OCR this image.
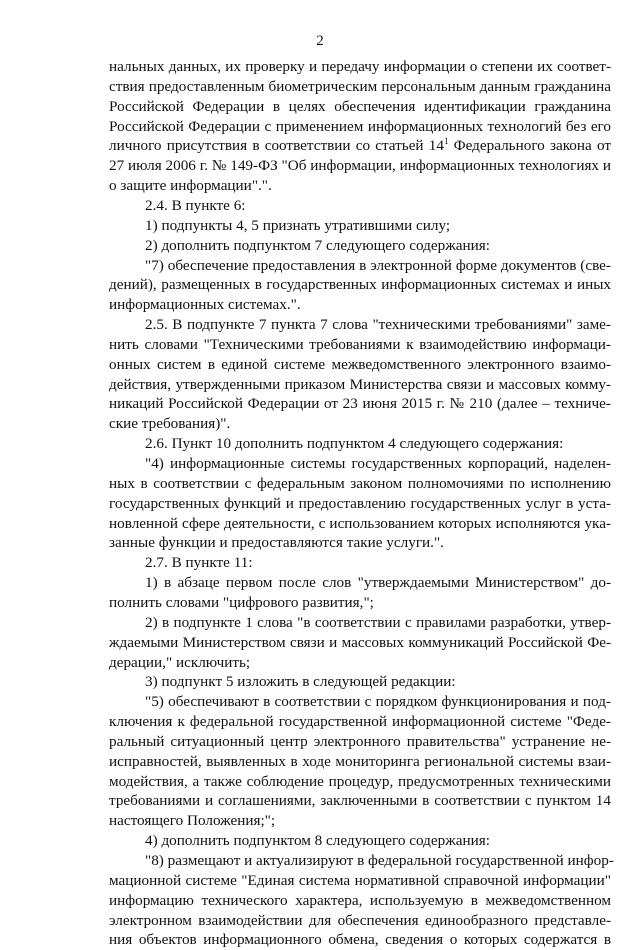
2
нальных данных, их проверку и передачу информации о степени их соответ-
ствия предоставленным биометрическим персональным данным гражданина
Российской Федерации в целях обеспечения идентификации гражданина
Российской Федерации с применением информационных технологий без его
личного присутствия в соответствии со статьей $14^1$ Федерального закона от
27 июля 2006 г. № 149-ФЗ "Об информации, информационных технологиях и
о защите информации".".
2.4. В пункте 6:
1) подпункты 4, 5 признать утратившими силу;
2) дополнить подпунктом 7 следующего содержания:
"7) обеспечение предоставления в электронной форме документов (све-
дений), размещенных в государственных информационных системах и иных
информационных системах.".
2.5. В подпункте 7 пункта 7 слова "техническими требованиями" заме-
нить словами "Техническими требованиями к взаимодействию информаци-
онных систем в единой системе межведомственного электронного взаимо-
действия, утвержденными приказом Министерства связи и массовых комму-
никаций Российской Федерации от 23 июня 2015 г. № 210 (далее – техниче-
ские требования)".
2.6. Пункт 10 дополнить подпунктом 4 следующего содержания:
"4) информационные системы государственных корпораций, наделен-
ных в соответствии с федеральным законом полномочиями по исполнению
государственных функций и предоставлению государственных услуг в уста-
новленной сфере деятельности, с использованием которых исполняются ука-
занные функции и предоставляются такие услуги.".
2.7. В пункте 11:
1) в абзаце первом после слов "утверждаемыми Министерством" до-
полнить словами "цифрового развития,";
2) в подпункте 1 слова "в соответствии с правилами разработки, утвер-
ждаемыми Министерством связи и массовых коммуникаций Российской Фе-
дерации," исключить;
3) подпункт 5 изложить в следующей редакции:
"5) обеспечивают в соответствии с порядком функционирования и под-
ключения к федеральной государственной информационной системе "Феде-
ральный ситуационный центр электронного правительства" устранение не-
исправностей, выявленных в ходе мониторинга региональной системы взаи-
модействия, а также соблюдение процедур, предусмотренных техническими
требованиями и соглашениями, заключенными в соответствии с пунктом 14
настоящего Положения;";
4) дополнить подпунктом 8 следующего содержания:
"8) размещают и актуализируют в федеральной государственной инфор-
мационной системе "Единая система нормативной справочной информации"
информацию технического характера, используемую в межведомственном
электронном взаимодействии для обеспечения единообразного представле-
ния объектов информационного обмена, сведения о которых содержатся в
